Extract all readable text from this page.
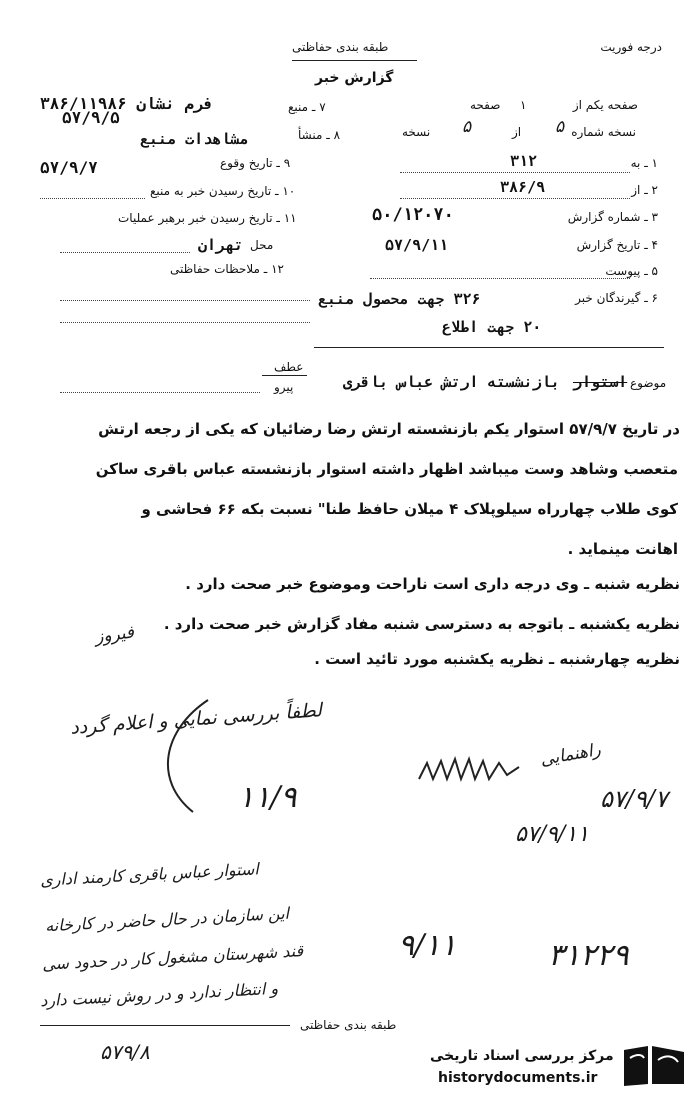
درجه فوریت
طبقه بندی حفاظتی
گزارش خبر
صفحه یکم از
۱
صفحه
نسخه شماره
۵
از
۵
نسخه
۱ ـ به
۳۱۲
۲ ـ از
۳۸۶/۹
۳ ـ شماره گزارش
۵۰/۱۲۰۷۰
۴ ـ تاریخ گزارش
۵۷/۹/۱۱
۵ ـ پیوست
۶ ـ گیرندگان خبر
۳۲۶ جهت محصول منبع
۲۰ جهت اطلاع
۷ ـ منبع
فرم نشان ۳۸۶/۱۱۹۸۶
۵۷/۹/۵
۸ ـ منشأ
مشاهدات منبع
۹ ـ تاریخ وقوع
۵۷/۹/۷
۱۰ ـ تاریخ رسیدن خبر به منبع
۱۱ ـ تاریخ رسیدن خبر برهبر عملیات
محل
تهران
۱۲ ـ ملاحظات حفاظتی
موضوع
استوار
بازنشسته ارتش عباس باقری
عطف
پیرو
در تاریخ ۵۷/۹/۷ استوار یکم بازنشسته ارتش رضا رضائیان که یکی از رجعه ارتش
متعصب وشاهد وست میباشد اظهار داشته استوار بازنشسته عباس باقری ساکن
کوی طلاب چهارراه سیلوپلاک ۴ میلان حافظ طنا" نسبت بکه ۶۶ فحاشی و
اهانت مینماید .
نظریه شنبه ـ وی درجه داری است ناراحت وموضوع خبر صحت دارد .
نظریه یکشنبه ـ باتوجه به دسترسی شنبه مفاد گزارش خبر صحت دارد .
نظریه چهارشنبه ـ نظریه یکشنبه مورد تائید است .
فیروز
لطفاً بررسی نمایی و اعلام گردد
۱۱/۹
راهنمایی
۵۷/۹/۷
۵۷/۹/۱۱
استوار عباس باقری کارمند اداری
این سازمان در حال حاضر در کارخانه
قند شهرستان مشغول کار در حدود سی
و انتظار ندارد و در روش نیست دارد
۹/۱۱	۳۱۲۲۹
۵۷۹/۸
طبقه بندی حفاظتی
مرکز بررسی اسناد تاریخی
historydocuments.ir
